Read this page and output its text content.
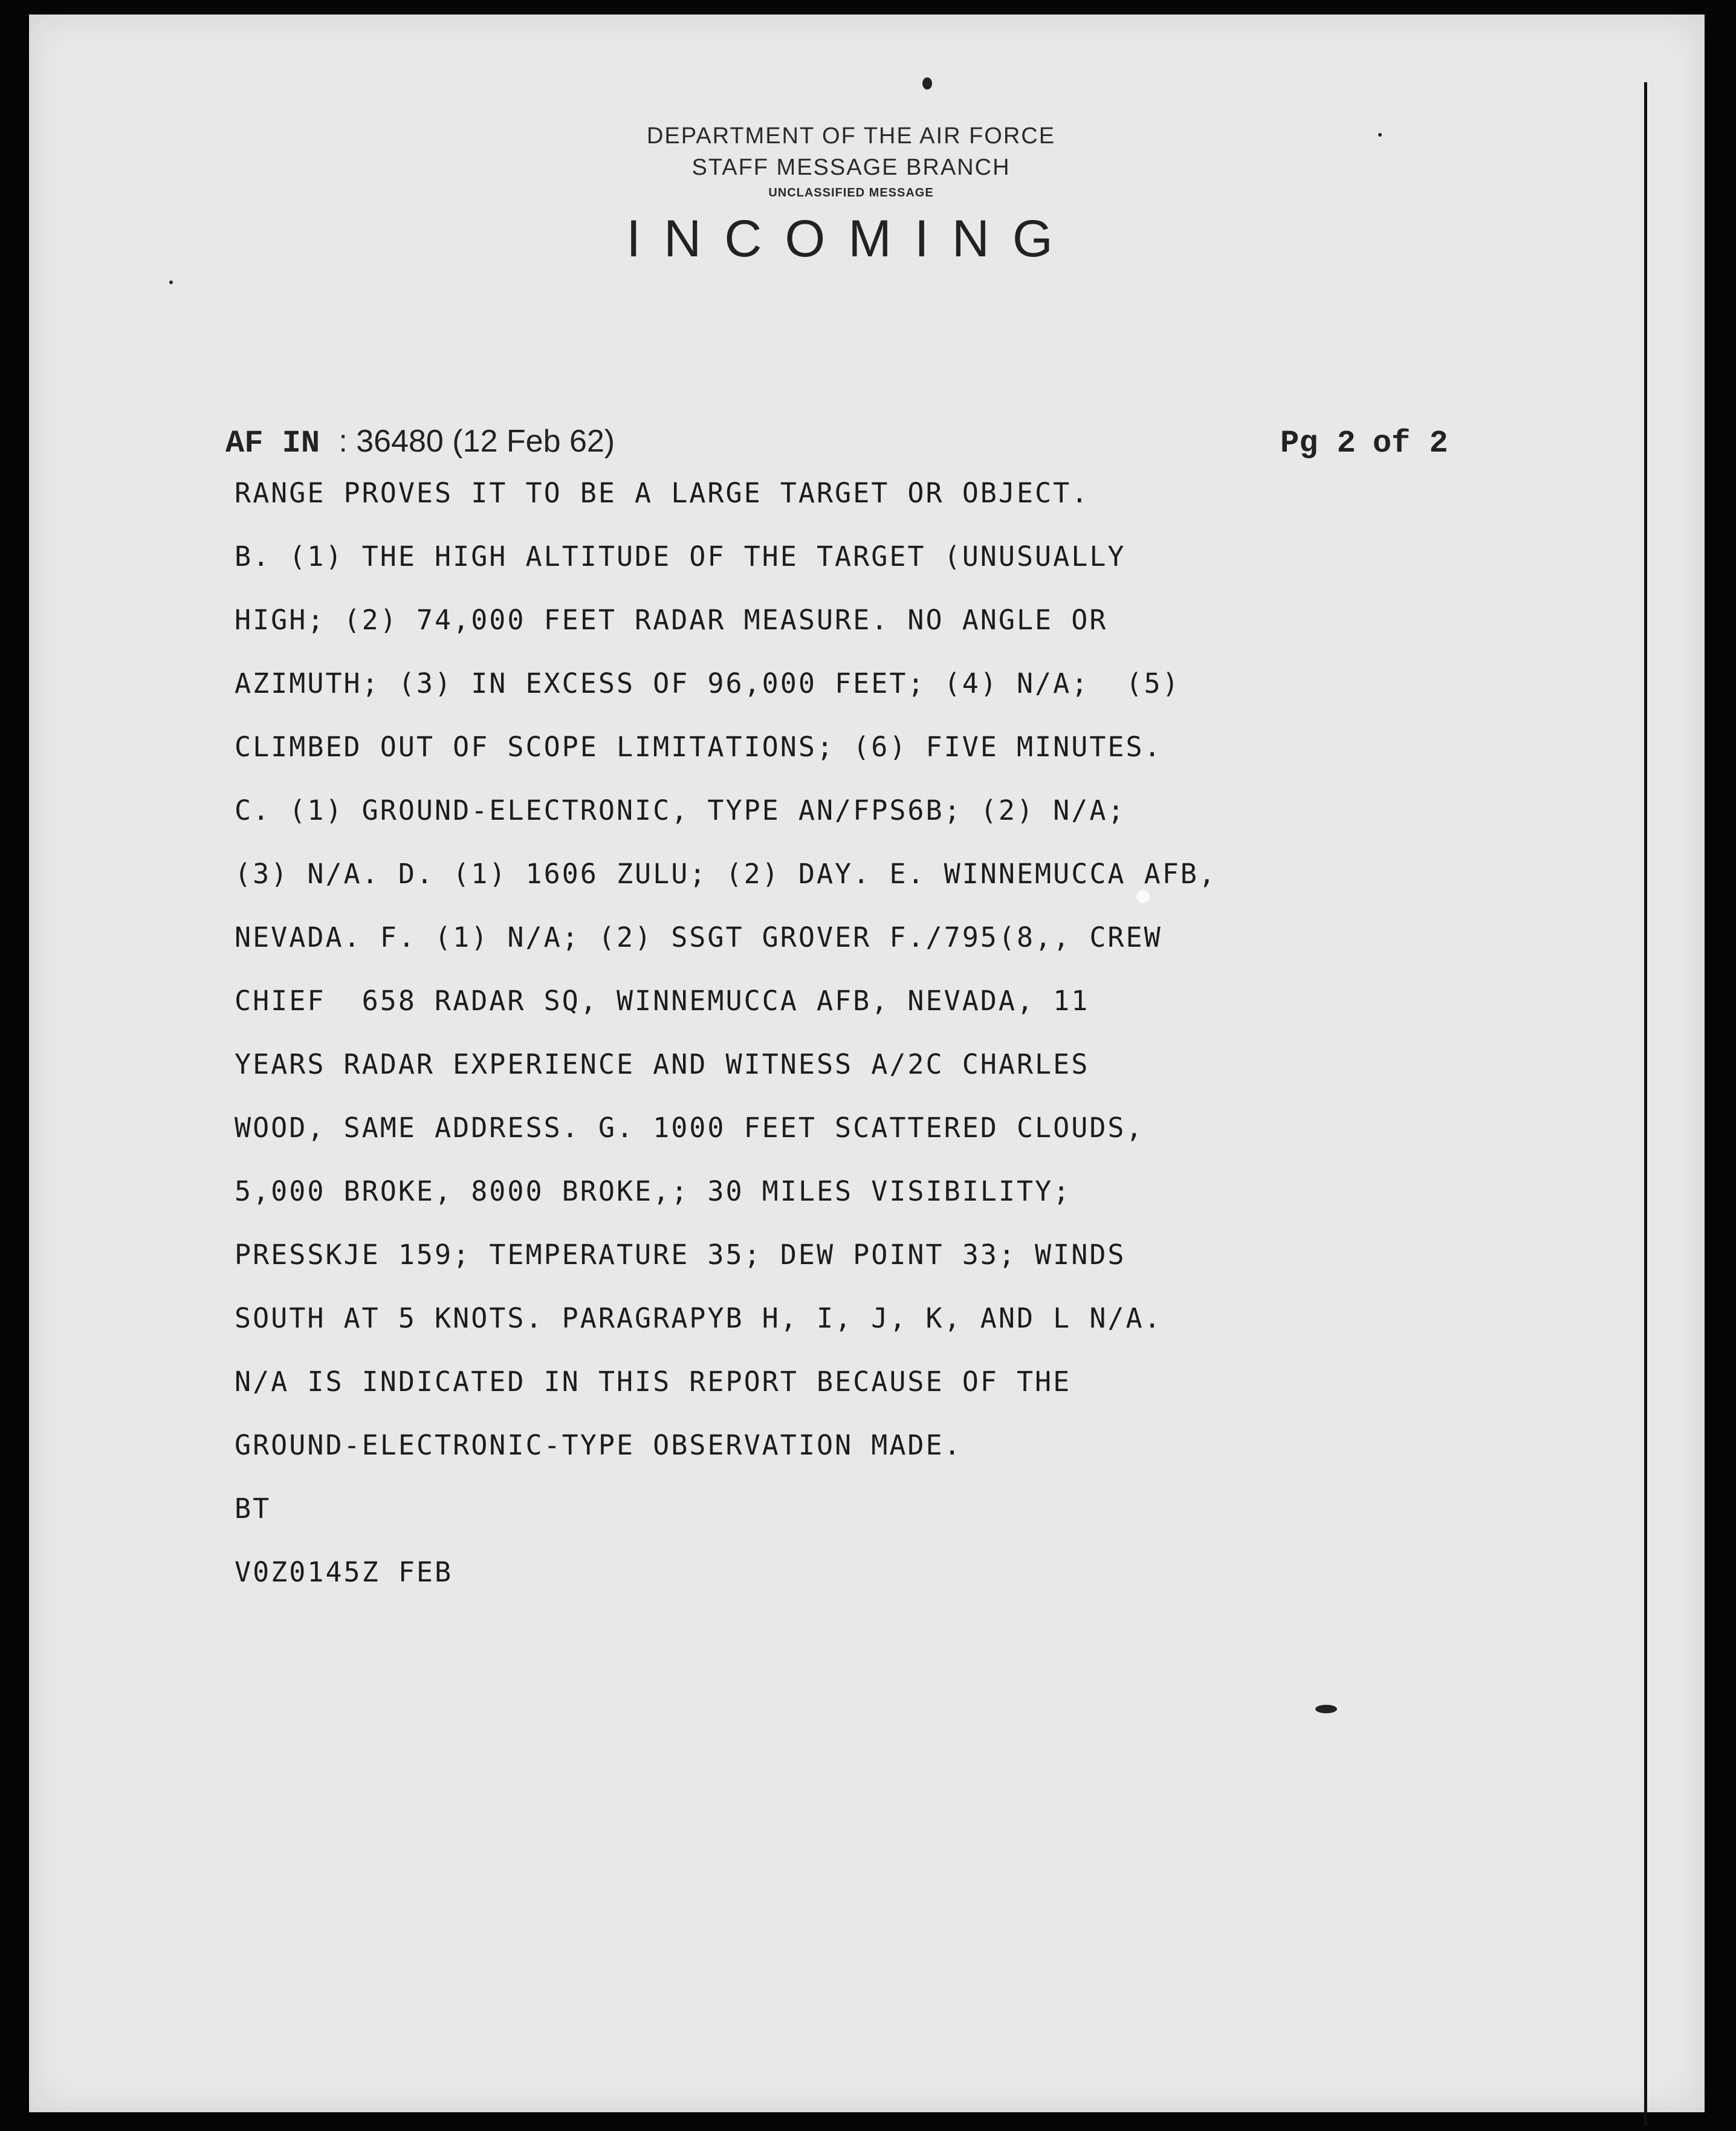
DEPARTMENT OF THE AIR FORCE
STAFF MESSAGE BRANCH
UNCLASSIFIED MESSAGE
INCOMING
AF IN : 36480 (12 Feb 62)	Pg 2 of 2
RANGE PROVES IT TO BE A LARGE TARGET OR OBJECT.
B. (1) THE HIGH ALTITUDE OF THE TARGET (UNUSUALLY
HIGH; (2) 74,000 FEET RADAR MEASURE. NO ANGLE OR
AZIMUTH; (3) IN EXCESS OF 96,000 FEET; (4) N/A;  (5)
CLIMBED OUT OF SCOPE LIMITATIONS; (6) FIVE MINUTES.
C. (1) GROUND-ELECTRONIC, TYPE AN/FPS6B; (2) N/A;
(3) N/A. D. (1) 1606 ZULU; (2) DAY. E. WINNEMUCCA AFB,
NEVADA. F. (1) N/A; (2) SSGT GROVER F./795(8,, CREW
CHIEF  658 RADAR SQ, WINNEMUCCA AFB, NEVADA, 11
YEARS RADAR EXPERIENCE AND WITNESS A/2C CHARLES
WOOD, SAME ADDRESS. G. 1000 FEET SCATTERED CLOUDS,
5,000 BROKE, 8000 BROKE,; 30 MILES VISIBILITY;
PRESSKJE 159; TEMPERATURE 35; DEW POINT 33; WINDS
SOUTH AT 5 KNOTS. PARAGRAPYB H, I, J, K, AND L N/A.
N/A IS INDICATED IN THIS REPORT BECAUSE OF THE
GROUND-ELECTRONIC-TYPE OBSERVATION MADE.
BT
V0Z0145Z FEB
